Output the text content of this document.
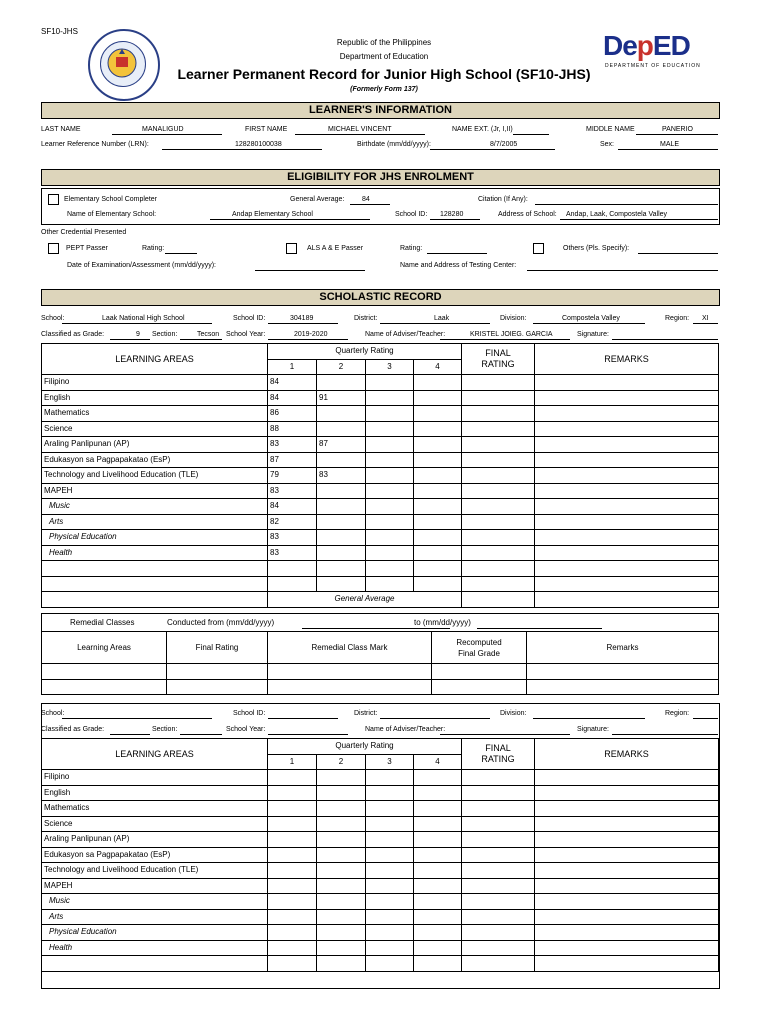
SF10-JHS
Republic of the Philippines
Department of Education
Learner Permanent Record for Junior High School (SF10-JHS)
(Formerly Form 137)
DepED
DEPARTMENT OF EDUCATION
LEARNER'S INFORMATION
LAST NAME	MANALIGUD	FIRST NAME	MICHAEL VINCENT	NAME EXT. (Jr, I,II)	MIDDLE NAME	PANERIO
Learner Reference Number (LRN):	128280100038	Birthdate (mm/dd/yyyy):	8/7/2005	Sex:	MALE
ELIGIBILITY FOR JHS ENROLMENT
Elementary School Completer	General Average:	84	Citation (If Any):
Name of Elementary School:	Andap Elementary School	School ID: 128280	Address of School: Andap, Laak, Compostela Valley
Other Credential Presented
PEPT Passer	Rating:	ALS A & E Passer	Rating:	Others (Pls. Specify):
Date of Examination/Assessment (mm/dd/yyyy):	Name and Address of Testing Center:
SCHOLASTIC RECORD
School:	Laak National High School	School ID:	304189	District:	Laak	Division:	Compostela Valley	Region: XI
Classified as Grade:	9 Section:	Tecson School Year:	2019-2020	Name of Adviser/Teacher:	KRISTEL JOIEG. GARCIA	Signature:
LEARNING AREAS	Quarterly Rating				FINAL
RATING	REMARKS
	1	2	3	4		
Filipino	84					
English	84	91				
Mathematics	86					
Science	88					
Araling Panlipunan (AP)	83	87				
Edukasyon sa Pagpapakatao (EsP)	87					
Technology and Livelihood Education (TLE)	79	83				
MAPEH	83					
Music	84					
Arts	82					
Physical Education	83					
Health	83					

	General Average					
Remedial Classes Conducted from (mm/dd/yyyy) to (mm/dd/yyyy)				

Learning Areas	Final Rating	Remedial Class Mark	Recomputed
Final Grade	Remarks

School:	School ID:	District:	Division:	Region:
Classified as Grade:	Section:	School Year:	Name of Adviser/Teacher:	Signature:
LEARNING AREAS	Quarterly Rating				FINAL
RATING	REMARKS
	1	2	3	4		
Filipino						
English						
Mathematics						
Science						
Araling Panlipunan (AP)						
Edukasyon sa Pagpapakatao (EsP)						
Technology and Livelihood Education (TLE)						
MAPEH						
Music						
Arts						
Physical Education						
Health						
